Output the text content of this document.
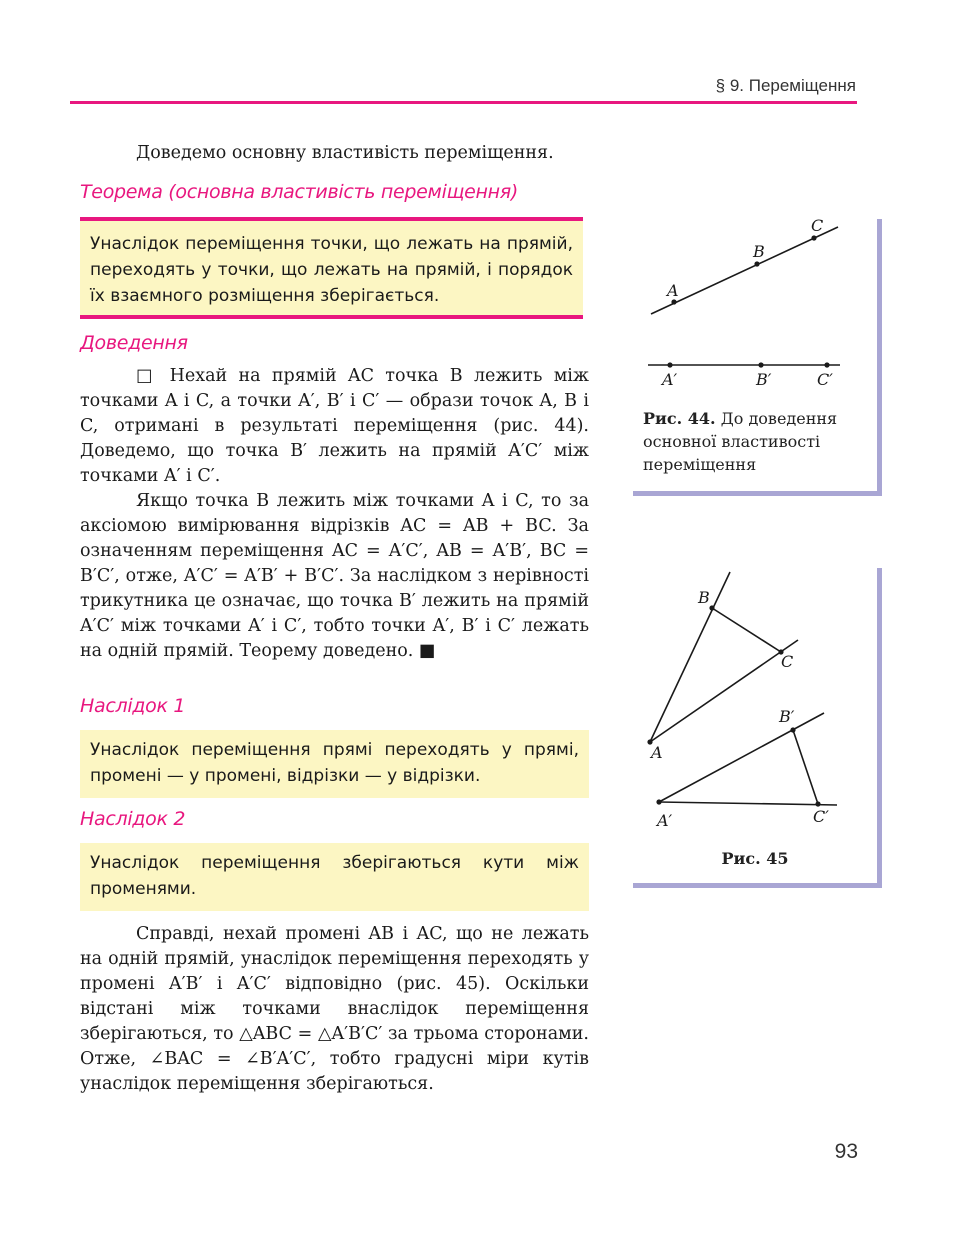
§ 9. Переміщення

Доведемо основну властивість переміщення.

Теорема (основна властивість переміщення)

Унаслідок переміщення точки, що лежать на прямій, переходять у точки, що лежать на прямій, і порядок їх взаємного розміщення зберігається.

Доведення

□ Нехай на прямій AC точка B лежить між точками A і C, а точки A′, B′ і C′ — образи точок A, B і C, отримані в результаті переміщення (рис. 44). Доведемо, що точка B′ лежить на прямій A′C′ між точками A′ і C′.

Якщо точка B лежить між точками A і C, то за аксіомою вимірювання відрізків AC = AB + BC. За означенням переміщення AC = A′C′, AB = A′B′, BC = B′C′, отже, A′C′ = A′B′ + B′C′. За наслідком з нерівності трикутника це означає, що точка B′ лежить на прямій A′C′ між точками A′ і C′, тобто точки A′, B′ і C′ лежать на одній прямій. Теорему доведено. ■

Наслідок 1

Унаслідок переміщення прямі переходять у прямі, промені — у промені, відрізки — у відрізки.

Наслідок 2

Унаслідок переміщення зберігаються кути між променями.

Справді, нехай промені AB і AC, що не лежать на одній прямій, унаслідок переміщення переходять у промені A′B′ і A′C′ відповідно (рис. 45). Оскільки відстані між точками внаслідок переміщення зберігаються, то △ABC = △A′B′C′ за трьома сторонами. Отже, ∠BAC = ∠B′A′C′, тобто градусні міри кутів унаслідок переміщення зберігаються.

A
B
C
A′	B′	C′
Рис. 44. До доведення основної властивості переміщення
A
B
C
A′
B′
C′
Рис. 45
93
